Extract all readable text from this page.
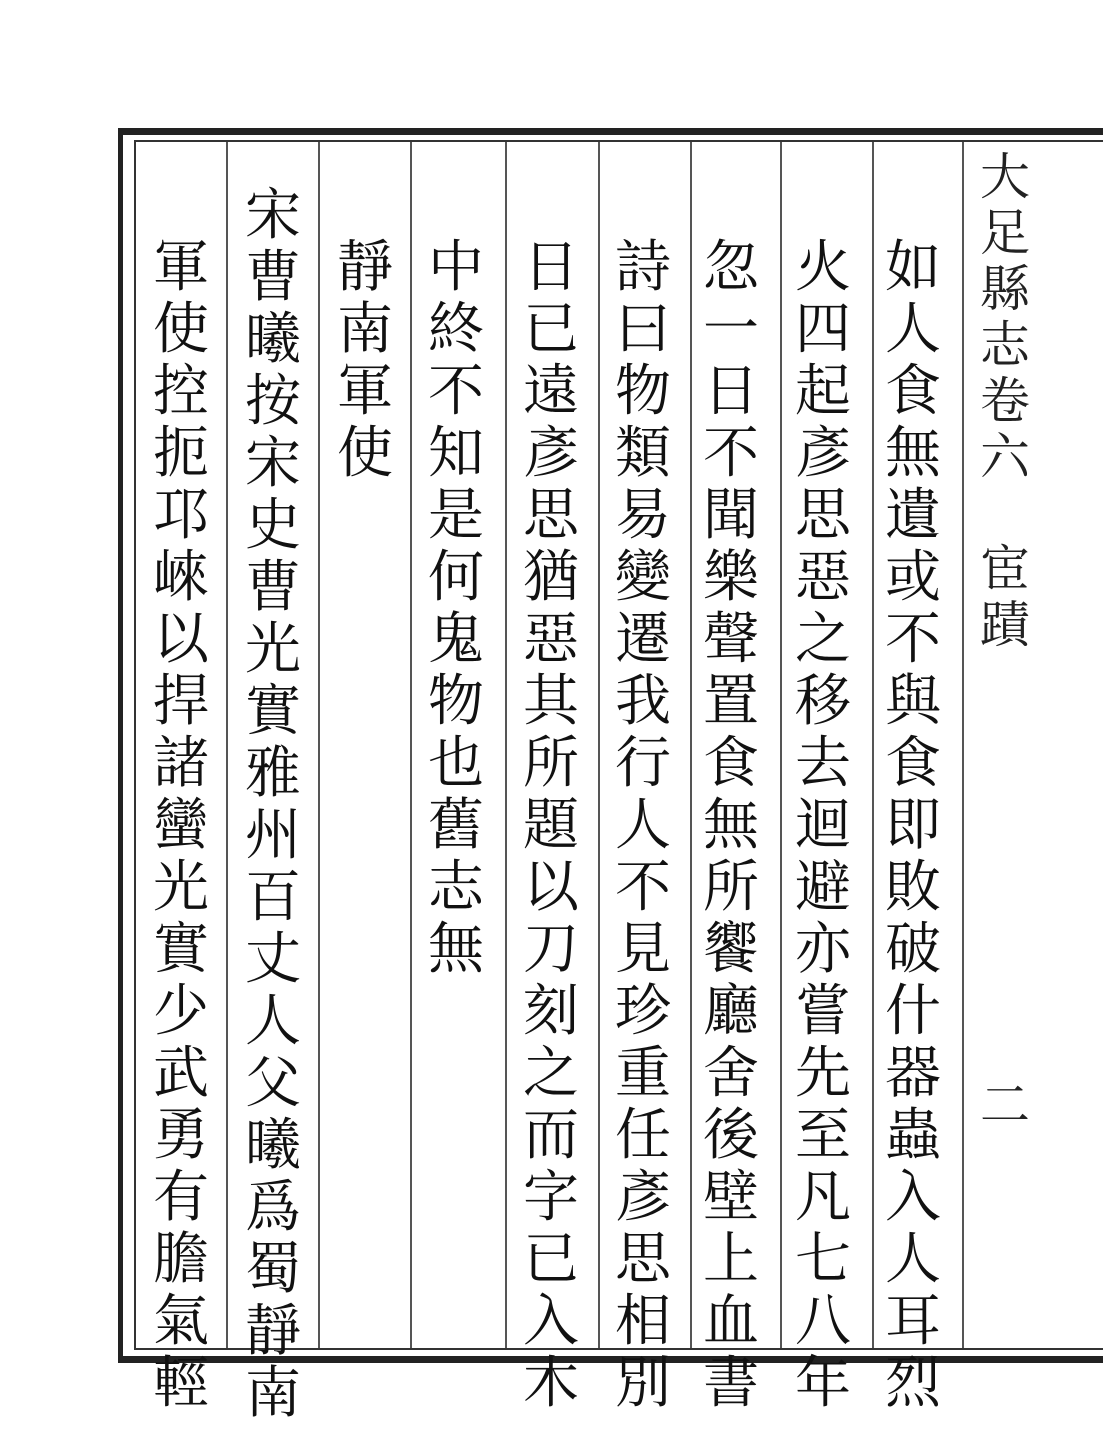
大
足
縣
志
卷
六
宦
蹟
二
如
人
食
無
遺
或
不
與
食
即
敗
破
什
器
蟲
入
人
耳
烈
火
四
起
彥
思
惡
之
移
去
迴
避
亦
嘗
先
至
凡
七
八
年
忽
一
日
不
聞
樂
聲
置
食
無
所
饗
廳
舍
後
壁
上
血
書
詩
曰
物
類
易
變
遷
我
行
人
不
見
珍
重
任
彥
思
相
別
日
已
遠
彥
思
猶
惡
其
所
題
以
刀
刻
之
而
字
已
入
木
中
終
不
知
是
何
鬼
物
也
舊
志
無
靜
南
軍
使
宋
曹
曦
按
宋
史
曹
光
實
雅
州
百
丈
人
父
曦
爲
蜀
靜
南
軍
使
控
扼
邛
崍
以
捍
諸
蠻
光
實
少
武
勇
有
膽
氣
輕
